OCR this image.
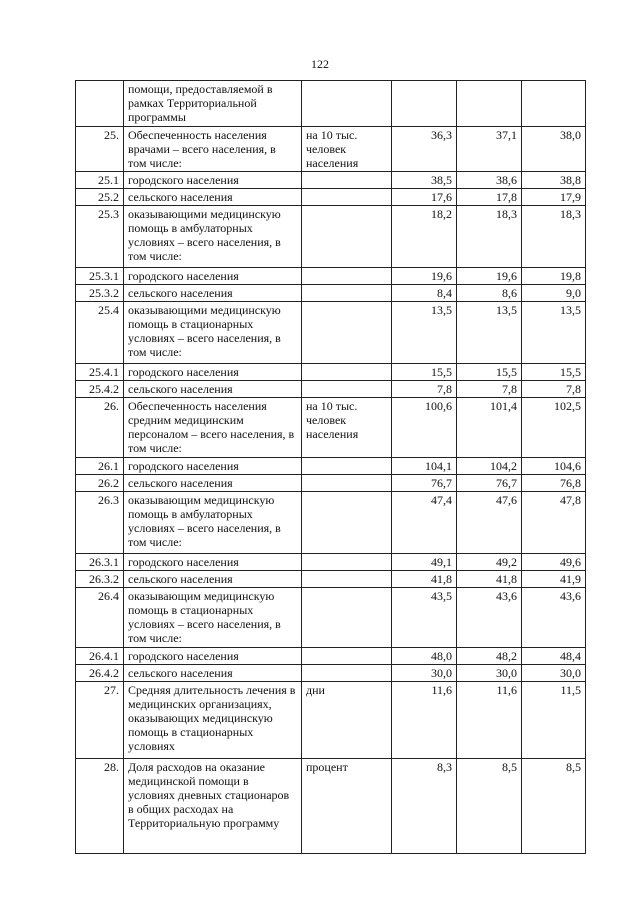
122
	помощи, предоставляемой в рамках Территориальной программы				
25.	Обеспеченность населения врачами – всего населения, в том числе:	на 10 тыс. человек населения	36,3	37,1	38,0
25.1	городского населения		38,5	38,6	38,8
25.2	сельского населения		17,6	17,8	17,9
25.3	оказывающими медицинскую помощь в амбулаторных условиях – всего населения, в том числе:		18,2	18,3	18,3
25.3.1	городского населения		19,6	19,6	19,8
25.3.2	сельского населения		8,4	8,6	9,0
25.4	оказывающими медицинскую помощь в стационарных условиях – всего населения, в том числе:		13,5	13,5	13,5
25.4.1	городского населения		15,5	15,5	15,5
25.4.2	сельского населения		7,8	7,8	7,8
26.	Обеспеченность населения средним медицинским персоналом – всего населения, в том числе:	на 10 тыс. человек населения	100,6	101,4	102,5
26.1	городского населения		104,1	104,2	104,6
26.2	сельского населения		76,7	76,7	76,8
26.3	оказывающим медицинскую помощь в амбулаторных условиях – всего населения, в том числе:		47,4	47,6	47,8
26.3.1	городского населения		49,1	49,2	49,6
26.3.2	сельского населения		41,8	41,8	41,9
26.4	оказывающим медицинскую помощь в стационарных условиях – всего населения, в том числе:		43,5	43,6	43,6
26.4.1	городского населения		48,0	48,2	48,4
26.4.2	сельского населения		30,0	30,0	30,0
27.	Средняя длительность лечения в медицинских организациях, оказывающих медицинскую помощь в стационарных условиях	дни	11,6	11,6	11,5
28.	Доля расходов на оказание медицинской помощи в условиях дневных стационаров в общих расходах на Территориальную программу	процент	8,3	8,5	8,5
